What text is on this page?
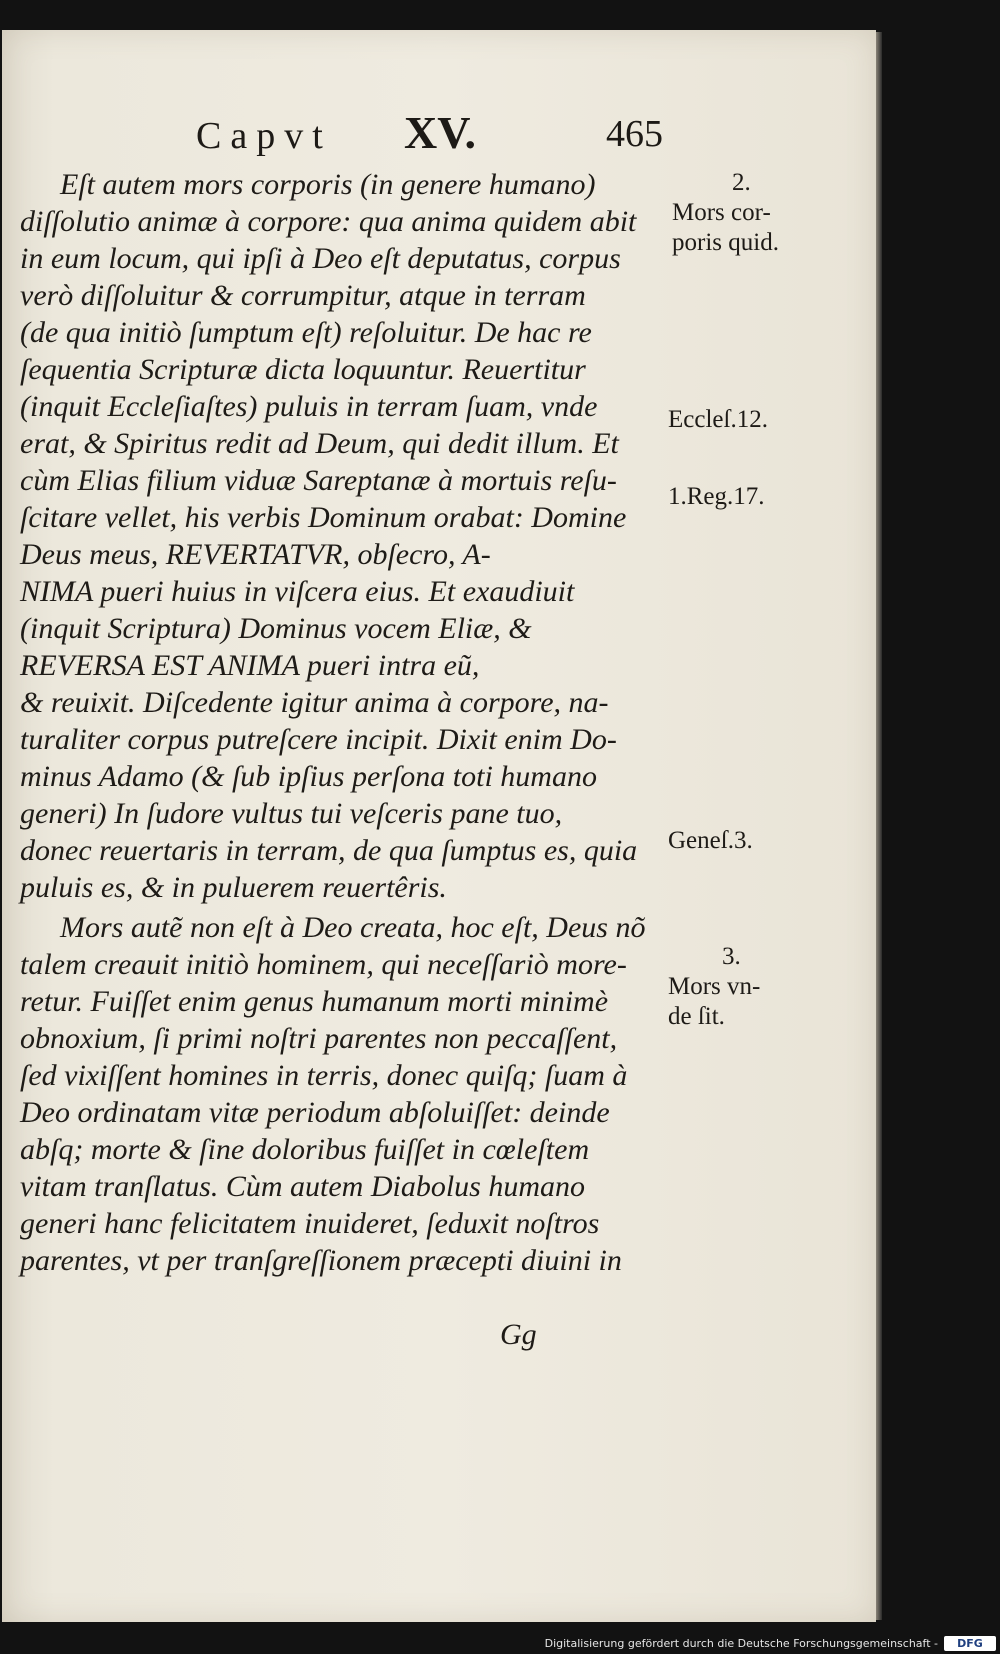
Capvt XV.	465
Eſt autem mors corporis (in genere humano)
diſſolutio animæ à corpore: qua anima quidem abit
in eum locum, qui ipſi à Deo eſt deputatus, corpus
verò diſſoluitur & corrumpitur, atque in terram
(de qua initiò ſumptum eſt) reſoluitur. De hac re
ſequentia Scripturæ dicta loquuntur. Reuertitur
(inquit Eccleſiaſtes) puluis in terram ſuam, vnde
erat, & Spiritus redit ad Deum, qui dedit illum. Et
cùm Elias filium viduæ Sareptanæ à mortuis reſu-
ſcitare vellet, his verbis Dominum orabat: Domine
Deus meus, REVERTATVR, obſecro, A-
NIMA pueri huius in viſcera eius. Et exaudiuit
(inquit Scriptura) Dominus vocem Eliæ, &
REVERSA EST ANIMA pueri intra eũ,
& reuixit. Diſcedente igitur anima à corpore, na-
turaliter corpus putreſcere incipit. Dixit enim Do-
minus Adamo (& ſub ipſius perſona toti humano
generi) In ſudore vultus tui veſceris pane tuo,
donec reuertaris in terram, de qua ſumptus es, quia
puluis es, & in puluerem reuertêris.
Mors autẽ non eſt à Deo creata, hoc eſt, Deus nõ
talem creauit initiò hominem, qui neceſſariò more-
retur. Fuiſſet enim genus humanum morti minimè
obnoxium, ſi primi noſtri parentes non peccaſſent,
ſed vixiſſent homines in terris, donec quiſq; ſuam à
Deo ordinatam vitæ periodum abſoluiſſet: deinde
abſq; morte & ſine doloribus fuiſſet in cœleſtem
vitam tranſlatus. Cùm autem Diabolus humano
generi hanc felicitatem inuideret, ſeduxit noſtros
parentes, vt per tranſgreſſionem præcepti diuini in
2.
Mors cor-
poris quid.
Eccleſ.12.
1.Reg.17.
Geneſ.3.
3.
Mors vn-
de ſit.
Gg
Digitalisierung gefördert durch die Deutsche Forschungsgemeinschaft -	DFG
